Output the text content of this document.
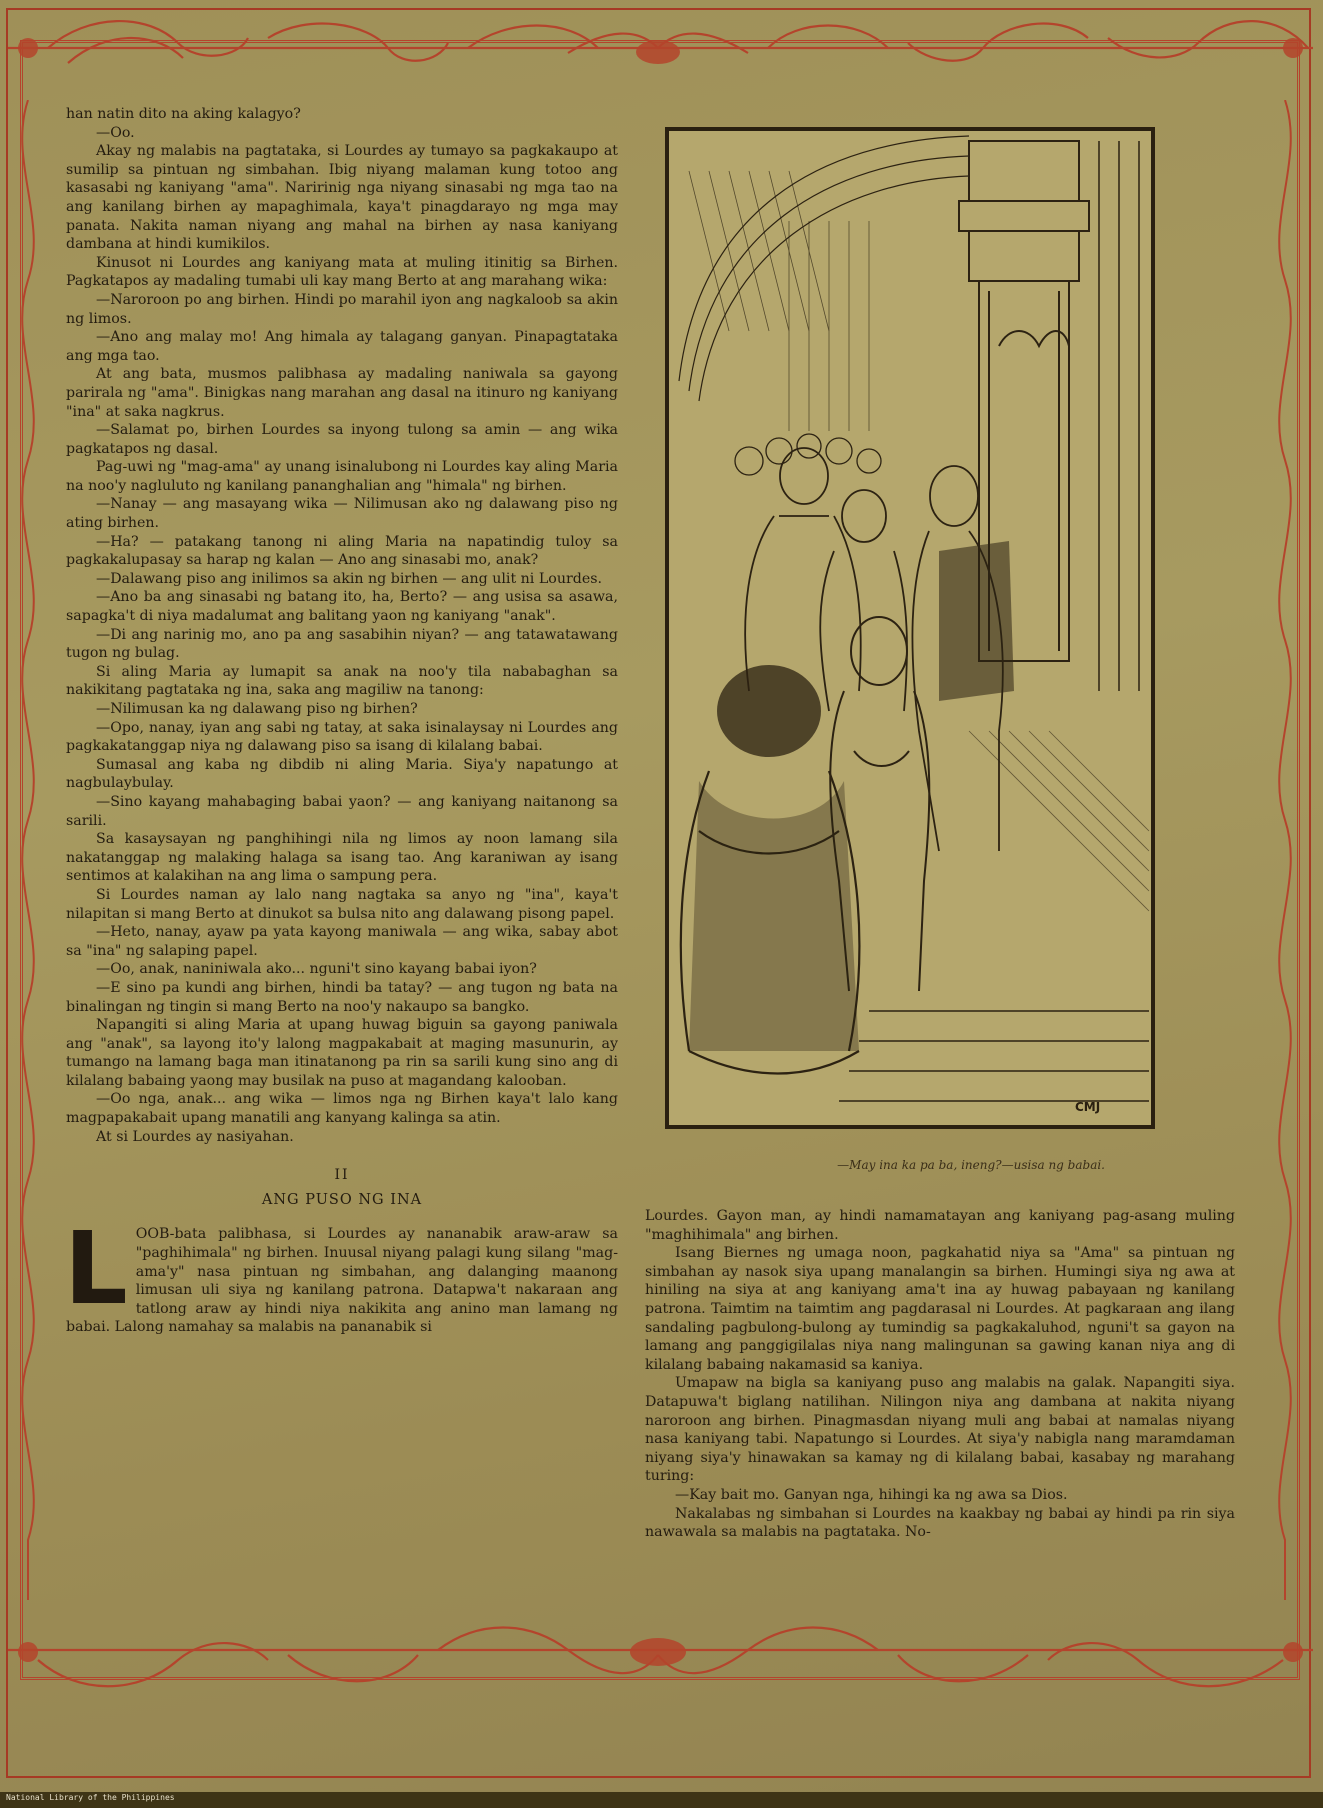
han natin dito na aking kalagyo?

—Oo.

Akay ng malabis na pagtataka, si Lourdes ay tumayo sa pagkakaupo at sumilip sa pintuan ng simbahan. Ibig niyang malaman kung totoo ang kasasabi ng kaniyang "ama". Naririnig nga niyang sinasabi ng mga tao na ang kanilang birhen ay mapaghimala, kaya't pinagdarayo ng mga may panata. Nakita naman niyang ang mahal na birhen ay nasa kaniyang dambana at hindi kumikilos.

Kinusot ni Lourdes ang kaniyang mata at muling itinitig sa Birhen. Pagkatapos ay madaling tumabi uli kay mang Berto at ang marahang wika:

—Naroroon po ang birhen. Hindi po marahil iyon ang nagkaloob sa akin ng limos.

—Ano ang malay mo! Ang himala ay talagang ganyan. Pinapagtataka ang mga tao.

At ang bata, musmos palibhasa ay madaling naniwala sa gayong parirala ng "ama". Binigkas nang marahan ang dasal na itinuro ng kaniyang "ina" at saka nagkrus.

—Salamat po, birhen Lourdes sa inyong tulong sa amin — ang wika pagkatapos ng dasal.

Pag-uwi ng "mag-ama" ay unang isinalubong ni Lourdes kay aling Maria na noo'y nagluluto ng kanilang pananghalian ang "himala" ng birhen.

—Nanay — ang masayang wika — Nilimusan ako ng dalawang piso ng ating birhen.

—Ha? — patakang tanong ni aling Maria na napatindig tuloy sa pagkakalupasay sa harap ng kalan — Ano ang sinasabi mo, anak?

—Dalawang piso ang inilimos sa akin ng birhen — ang ulit ni Lourdes.

—Ano ba ang sinasabi ng batang ito, ha, Berto? — ang usisa sa asawa, sapagka't di niya madalumat ang balitang yaon ng kaniyang "anak".

—Di ang narinig mo, ano pa ang sasabihin niyan? — ang tatawatawang tugon ng bulag.

Si aling Maria ay lumapit sa anak na noo'y tila nababaghan sa nakikitang pagtataka ng ina, saka ang magiliw na tanong:

—Nilimusan ka ng dalawang piso ng birhen?

—Opo, nanay, iyan ang sabi ng tatay, at saka isinalaysay ni Lourdes ang pagkakatanggap niya ng dalawang piso sa isang di kilalang babai.

Sumasal ang kaba ng dibdib ni aling Maria. Siya'y napatungo at nagbulaybulay.

—Sino kayang mahabaging babai yaon? — ang kaniyang naitanong sa sarili.

Sa kasaysayan ng panghihingi nila ng limos ay noon lamang sila nakatanggap ng malaking halaga sa isang tao. Ang karaniwan ay isang sentimos at kalakihan na ang lima o sampung pera.

Si Lourdes naman ay lalo nang nagtaka sa anyo ng "ina", kaya't nilapitan si mang Berto at dinukot sa bulsa nito ang dalawang pisong papel.

—Heto, nanay, ayaw pa yata kayong maniwala — ang wika, sabay abot sa "ina" ng salaping papel.

—Oo, anak, naniniwala ako... nguni't sino kayang babai iyon?

—E sino pa kundi ang birhen, hindi ba tatay? — ang tugon ng bata na binalingan ng tingin si mang Berto na noo'y nakaupo sa bangko.

Napangiti si aling Maria at upang huwag biguin sa gayong paniwala ang "anak", sa layong ito'y lalong magpakabait at maging masunurin, ay tumango na lamang baga man itinatanong pa rin sa sarili kung sino ang di kilalang babaing yaong may busilak na puso at magandang kalooban.

—Oo nga, anak... ang wika — limos nga ng Birhen kaya't lalo kang magpapakabait upang manatili ang kanyang kalinga sa atin.

At si Lourdes ay nasiyahan.

II
ANG PUSO NG INA
L OOB-bata palibhasa, si Lourdes ay nananabik araw-araw sa "paghihimala" ng birhen. Inuusal niyang palagi kung silang "mag-ama'y" nasa pintuan ng simbahan, ang dalanging maanong limusan uli siya ng kanilang patrona. Datapwa't nakaraan ang tatlong araw ay hindi niya nakikita ang anino man lamang ng babai. Lalong namahay sa malabis na pananabik si

CMJ
—May ina ka pa ba, ineng?—usisa ng babai.

Lourdes. Gayon man, ay hindi namamatayan ang kaniyang pag-asang muling "maghihimala" ang birhen.

Isang Biernes ng umaga noon, pagkahatid niya sa "Ama" sa pintuan ng simbahan ay nasok siya upang manalangin sa birhen. Humingi siya ng awa at hiniling na siya at ang kaniyang ama't ina ay huwag pabayaan ng kanilang patrona. Taimtim na taimtim ang pagdarasal ni Lourdes. At pagkaraan ang ilang sandaling pagbulong-bulong ay tumindig sa pagkakaluhod, nguni't sa gayon na lamang ang panggigilalas niya nang malingunan sa gawing kanan niya ang di kilalang babaing nakamasid sa kaniya.

Umapaw na bigla sa kaniyang puso ang malabis na galak. Napangiti siya. Datapuwa't biglang natilihan. Nilingon niya ang dambana at nakita niyang naroroon ang birhen. Pinagmasdan niyang muli ang babai at namalas niyang nasa kaniyang tabi. Napatungo si Lourdes. At siya'y nabigla nang maramdaman niyang siya'y hinawakan sa kamay ng di kilalang babai, kasabay ng marahang turing:

—Kay bait mo. Ganyan nga, hihingi ka ng awa sa Dios.

Nakalabas ng simbahan si Lourdes na kaakbay ng babai ay hindi pa rin siya nawawala sa malabis na pagtataka. No-

National Library of the Philippines
